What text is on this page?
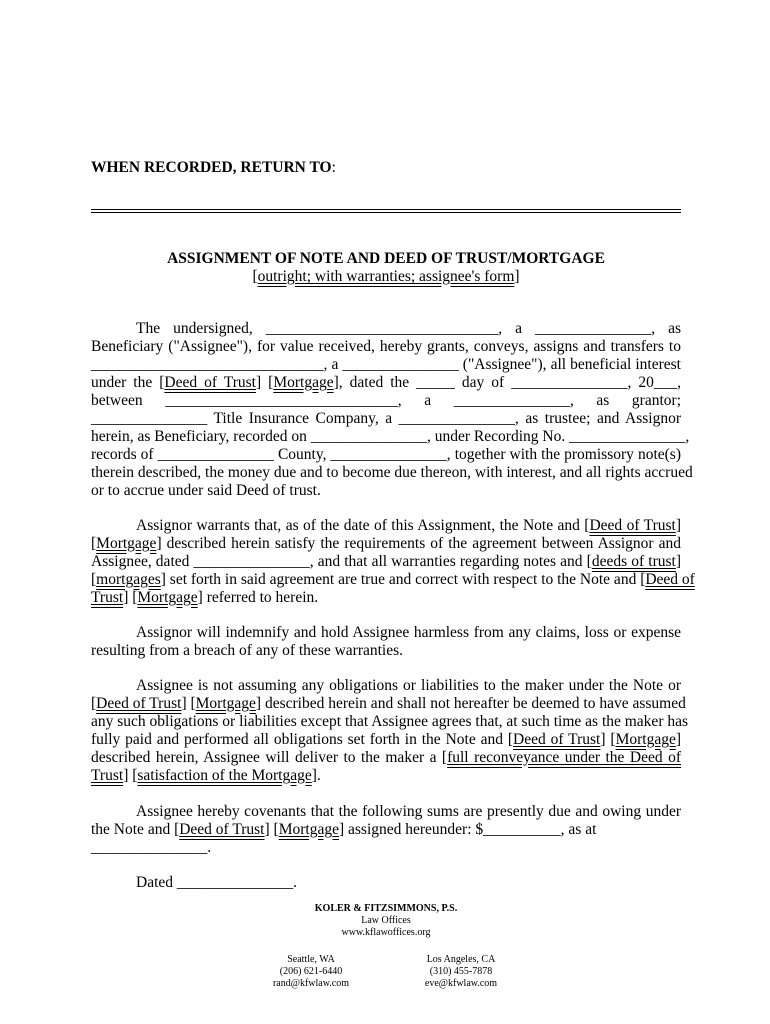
WHEN RECORDED, RETURN TO:
ASSIGNMENT OF NOTE AND DEED OF TRUST/MORTGAGE
[outright; with warranties; assignee's form]
The undersigned, ______________________________, a _______________, as
Beneficiary ("Assignee"), for value received, hereby grants, conveys, assigns and transfers to
______________________________, a _______________ ("Assignee"), all beneficial interest
under the [Deed of Trust] [Mortgage], dated the _____ day of _______________, 20___,
between ______________________________, a _______________, as grantor;
_______________ Title Insurance Company, a _______________, as trustee; and Assignor
herein, as Beneficiary, recorded on _______________, under Recording No. _______________,
records of _______________ County, _______________, together with the promissory note(s)
therein described, the money due and to become due thereon, with interest, and all rights accrued
or to accrue under said Deed of trust.
Assignor warrants that, as of the date of this Assignment, the Note and [Deed of Trust]
[Mortgage] described herein satisfy the requirements of the agreement between Assignor and
Assignee, dated _______________, and that all warranties regarding notes and [deeds of trust]
[mortgages] set forth in said agreement are true and correct with respect to the Note and [Deed of
Trust] [Mortgage] referred to herein.
Assignor will indemnify and hold Assignee harmless from any claims, loss or expense
resulting from a breach of any of these warranties.
Assignee is not assuming any obligations or liabilities to the maker under the Note or
[Deed of Trust] [Mortgage] described herein and shall not hereafter be deemed to have assumed
any such obligations or liabilities except that Assignee agrees that, at such time as the maker has
fully paid and performed all obligations set forth in the Note and [Deed of Trust] [Mortgage]
described herein, Assignee will deliver to the maker a [full reconveyance under the Deed of
Trust] [satisfaction of the Mortgage].
Assignee hereby covenants that the following sums are presently due and owing under
the Note and [Deed of Trust] [Mortgage] assigned hereunder: $__________, as at
_______________.
Dated _______________.
KOLER & FITZSIMMONS, P.S.
Law Offices
www.kflawoffices.org
Seattle, WA
(206) 621-6440
rand@kfwlaw.com
Los Angeles, CA
(310) 455-7878
eve@kfwlaw.com
